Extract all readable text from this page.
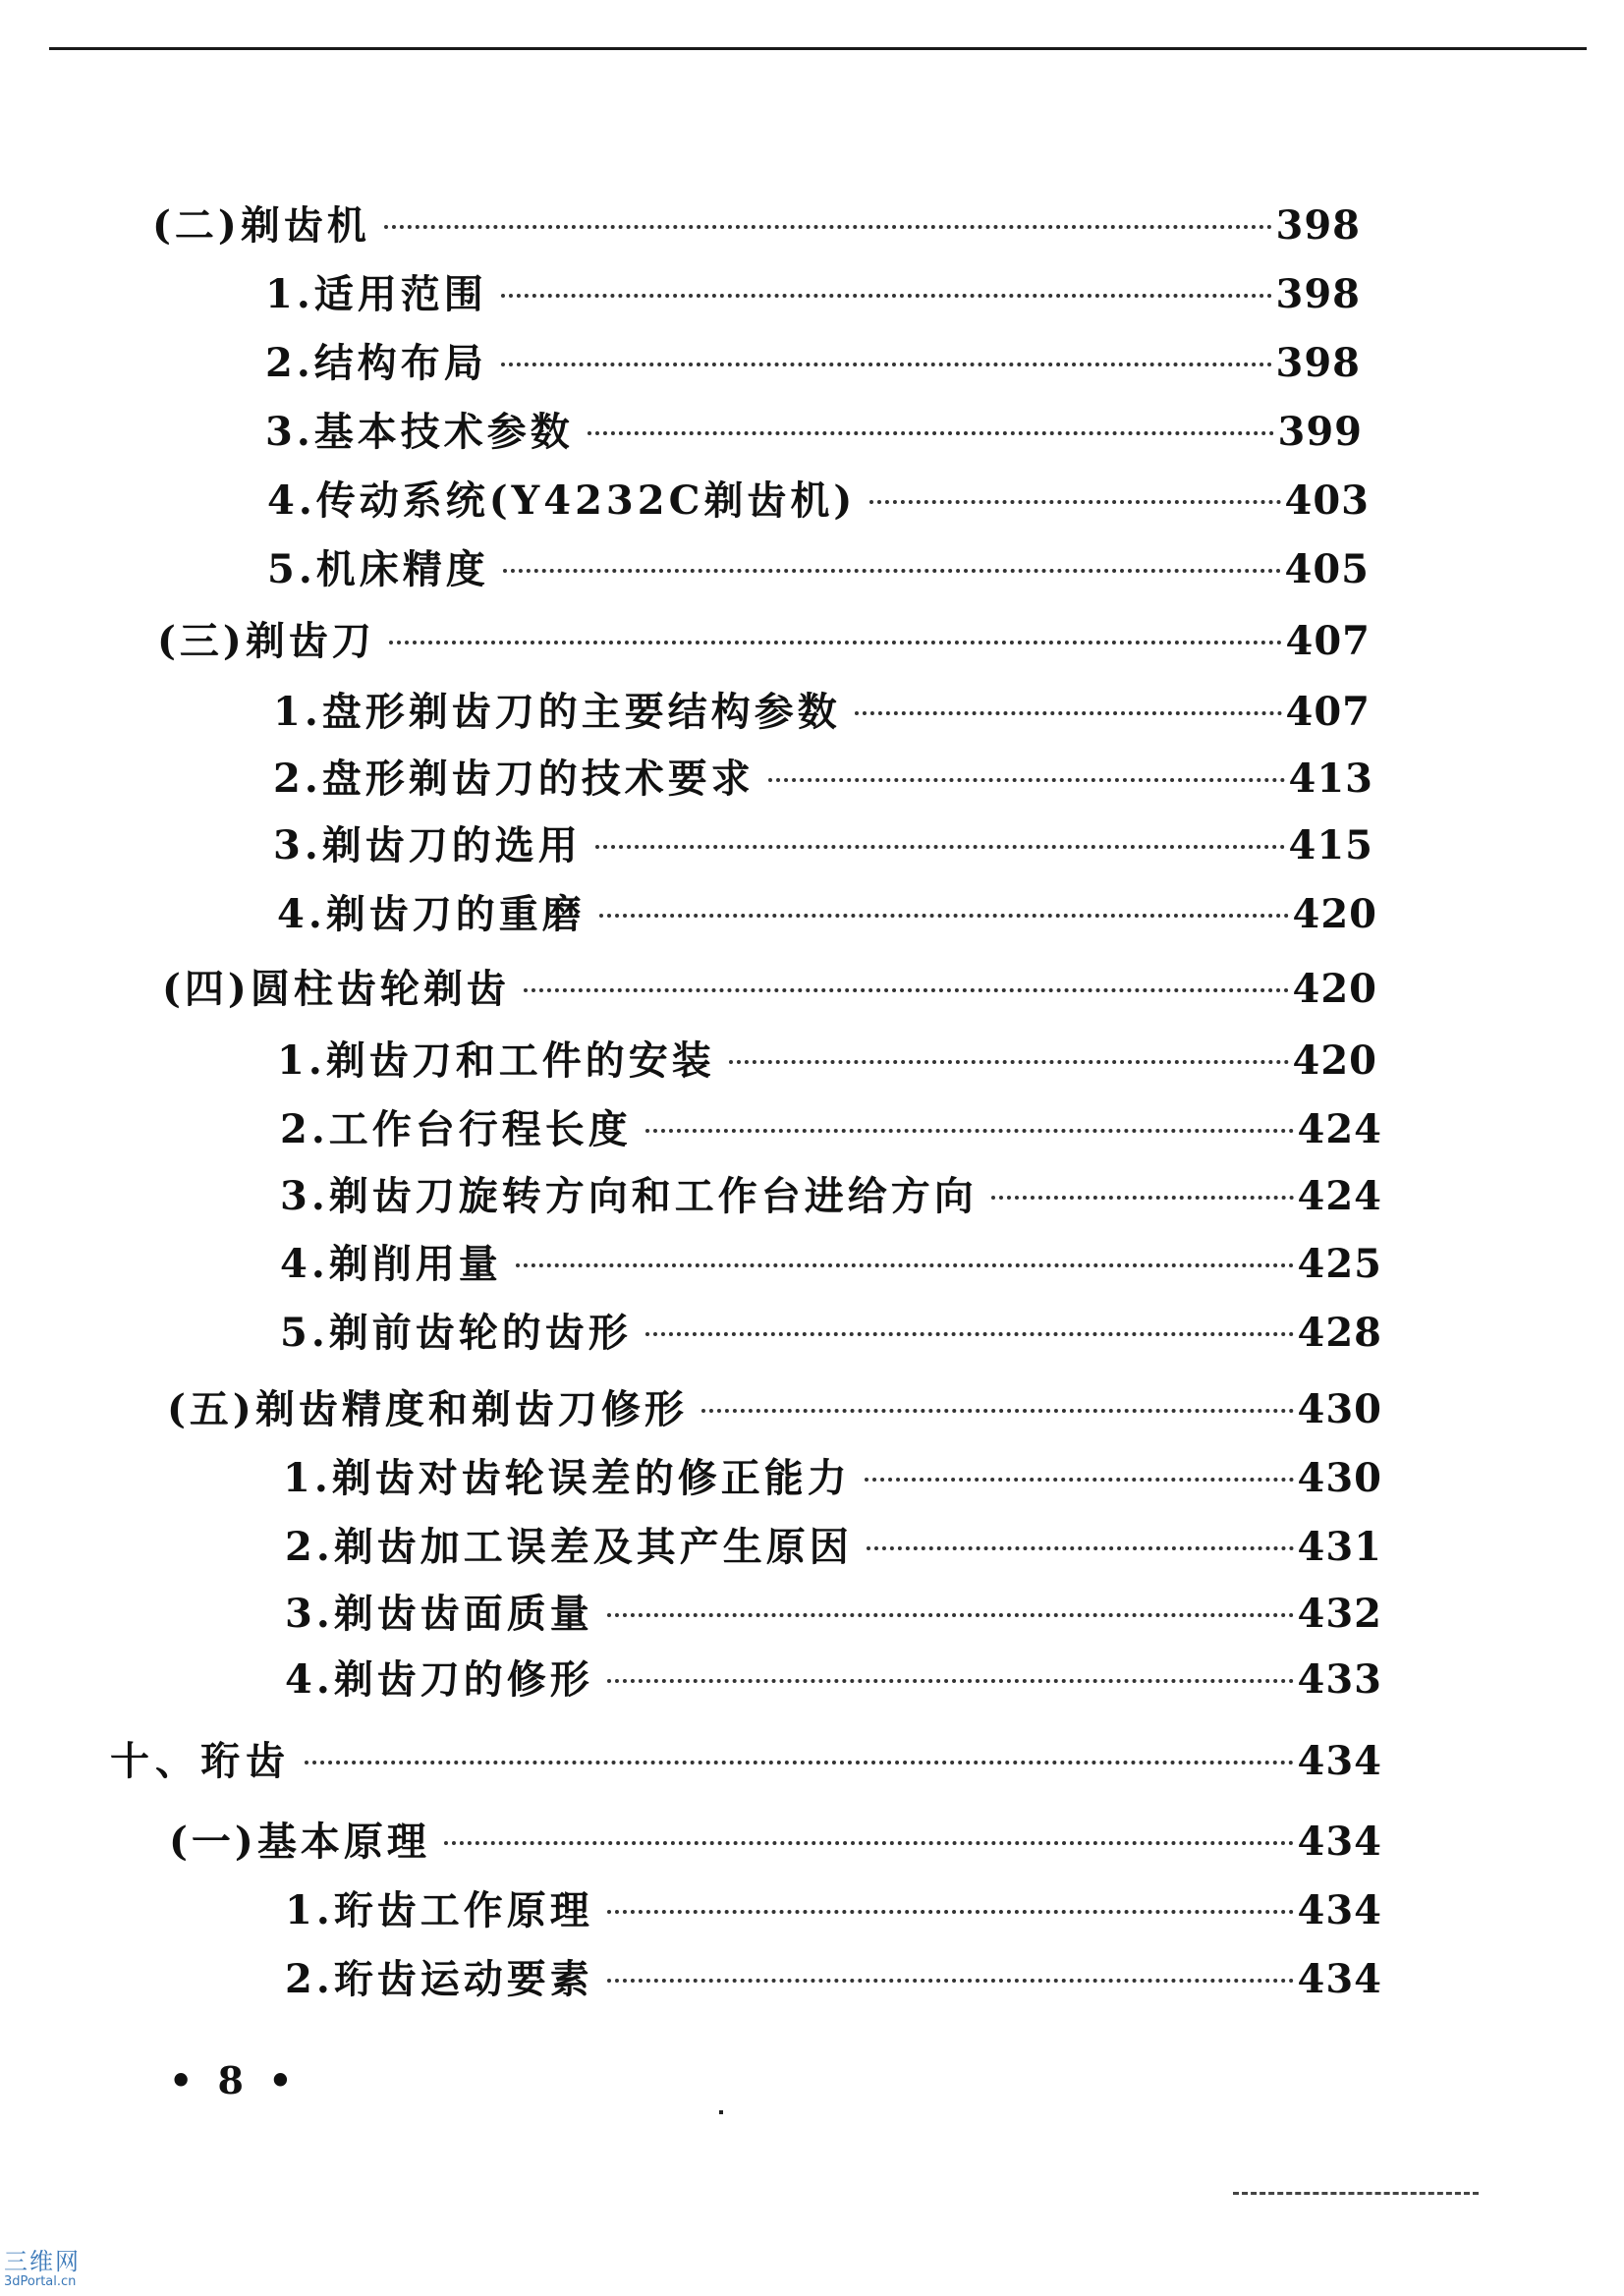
(二)剃齿机	398
1.适用范围	398
2.结构布局	398
3.基本技术参数	399
4.传动系统(Y4232C剃齿机)	403
5.机床精度	405
(三)剃齿刀	407
1.盘形剃齿刀的主要结构参数	407
2.盘形剃齿刀的技术要求	413
3.剃齿刀的选用	415
4.剃齿刀的重磨	420
(四)圆柱齿轮剃齿	420
1.剃齿刀和工件的安装	420
2.工作台行程长度	424
3.剃齿刀旋转方向和工作台进给方向	424
4.剃削用量	425
5.剃前齿轮的齿形	428
(五)剃齿精度和剃齿刀修形	430
1.剃齿对齿轮误差的修正能力	430
2.剃齿加工误差及其产生原因	431
3.剃齿齿面质量	432
4.剃齿刀的修形	433
十、珩齿	434
(一)基本原理	434
1.珩齿工作原理	434
2.珩齿运动要素	434
• 8 •
三维网
3dPortal.cn
